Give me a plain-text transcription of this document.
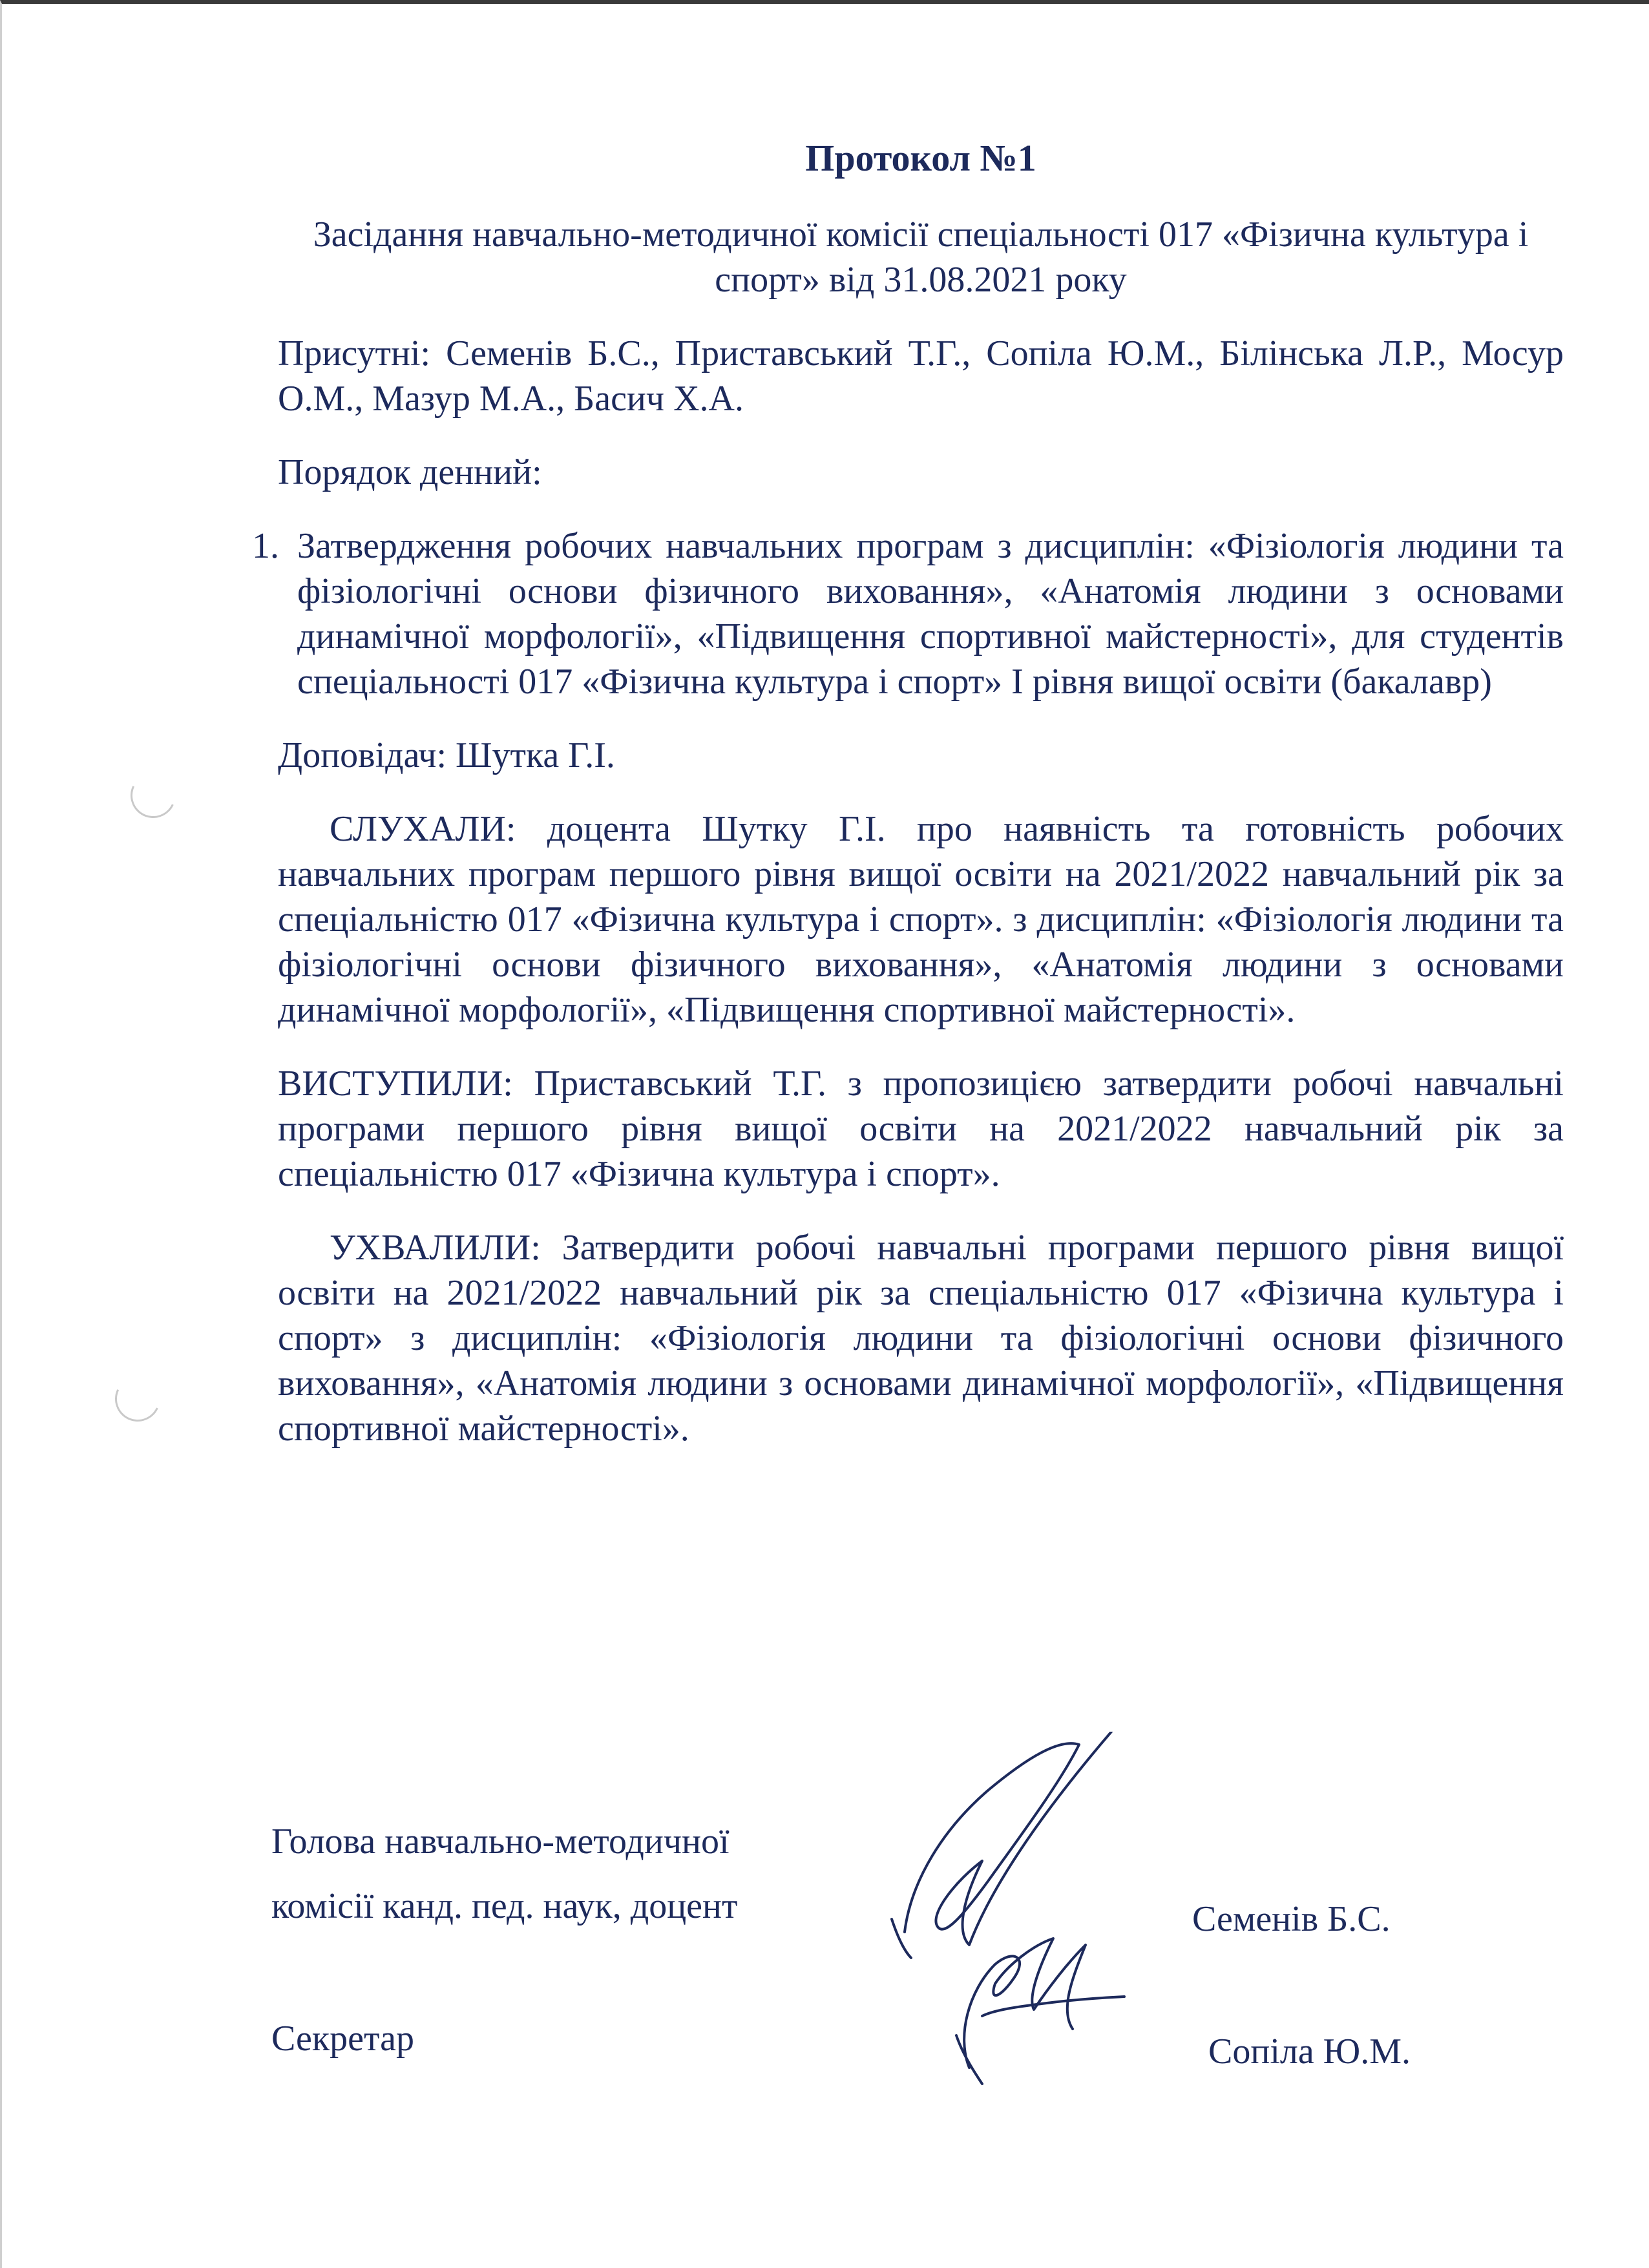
Протокол №1

Засідання навчально-методичної комісії спеціальності 017 «Фізична культура і спорт» від 31.08.2021 року

Присутні: Семенів Б.С., Приставський Т.Г., Сопіла Ю.М., Білінська Л.Р., Мосур О.М., Мазур М.А., Басич Х.А.

Порядок денний:

1. Затвердження робочих навчальних програм з дисциплін: «Фізіологія людини та фізіологічні основи фізичного виховання», «Анатомія людини з основами динамічної морфології», «Підвищення спортивної майстерності», для студентів спеціальності 017 «Фізична культура і спорт» І рівня вищої освіти (бакалавр)

Доповідач: Шутка Г.І.

СЛУХАЛИ: доцента Шутку Г.І. про наявність та готовність робочих навчальних програм першого рівня вищої освіти на 2021/2022 навчальний рік за спеціальністю 017 «Фізична культура і спорт». з дисциплін: «Фізіологія людини та фізіологічні основи фізичного виховання», «Анатомія людини з основами динамічної морфології», «Підвищення спортивної майстерності».

ВИСТУПИЛИ: Приставський Т.Г. з пропозицією затвердити робочі навчальні програми першого рівня вищої освіти на 2021/2022 навчальний рік за спеціальністю 017 «Фізична культура і спорт».

УХВАЛИЛИ: Затвердити робочі навчальні програми першого рівня вищої освіти на 2021/2022 навчальний рік за спеціальністю 017 «Фізична культура і спорт» з дисциплін: «Фізіологія людини та фізіологічні основи фізичного виховання», «Анатомія людини з основами динамічної морфології», «Підвищення спортивної майстерності».

Голова навчально-методичної
комісії канд. пед. наук, доцент	Семенів Б.С.
Секретар	Сопіла Ю.М.
